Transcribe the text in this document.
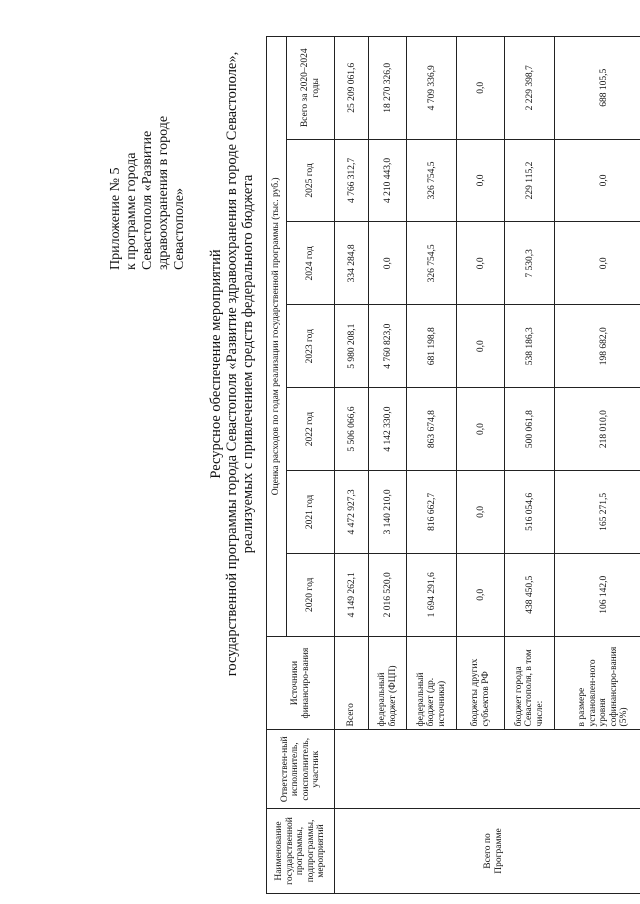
Приложение № 5 к программе города Севастополя «Развитие здравоохранения в городе Севастополе»
Ресурсное обеспечение мероприятий государственной программы города Севастополя «Развитие здравоохранения в городе Севастополе», реализуемых с привлечением средств федерального бюджета
Наименование государственной программы, подпрограммы, мероприятий	Ответствен-ный исполнитель, соисполнитель, участник	Источники финансиро-вания	Оценка расходов по годам реализации государственной программы (тыс. руб.)						
			2020 год	2021 год	2022 год	2023 год	2024 год	2025 год	Всего за 2020–2024 годы
Всего по Программе		Всего	4 149 262,1	4 472 927,3	5 506 066,6	5 980 208,1	334 284,8	4 766 312,7	25 209 061,6
		федеральный бюджет (ФЦП)	2 016 520,0	3 140 210,0	4 142 330,0	4 760 823,0	0,0	4 210 443,0	18 270 326,0
		федеральный бюджет (др. источники)	1 694 291,6	816 662,7	863 674,8	681 198,8	326 754,5	326 754,5	4 709 336,9
		бюджеты других субъектов РФ	0,0	0,0	0,0	0,0	0,0	0,0	0,0
		бюджет города Севастополя, в том числе:	438 450,5	516 054,6	500 061,8	538 186,3	7 530,3	229 115,2	2 229 398,7
		в размере установлен-ного уровня софинансиро-вания (5%)	106 142,0	165 271,5	218 010,0	198 682,0	0,0	0,0	688 105,5
